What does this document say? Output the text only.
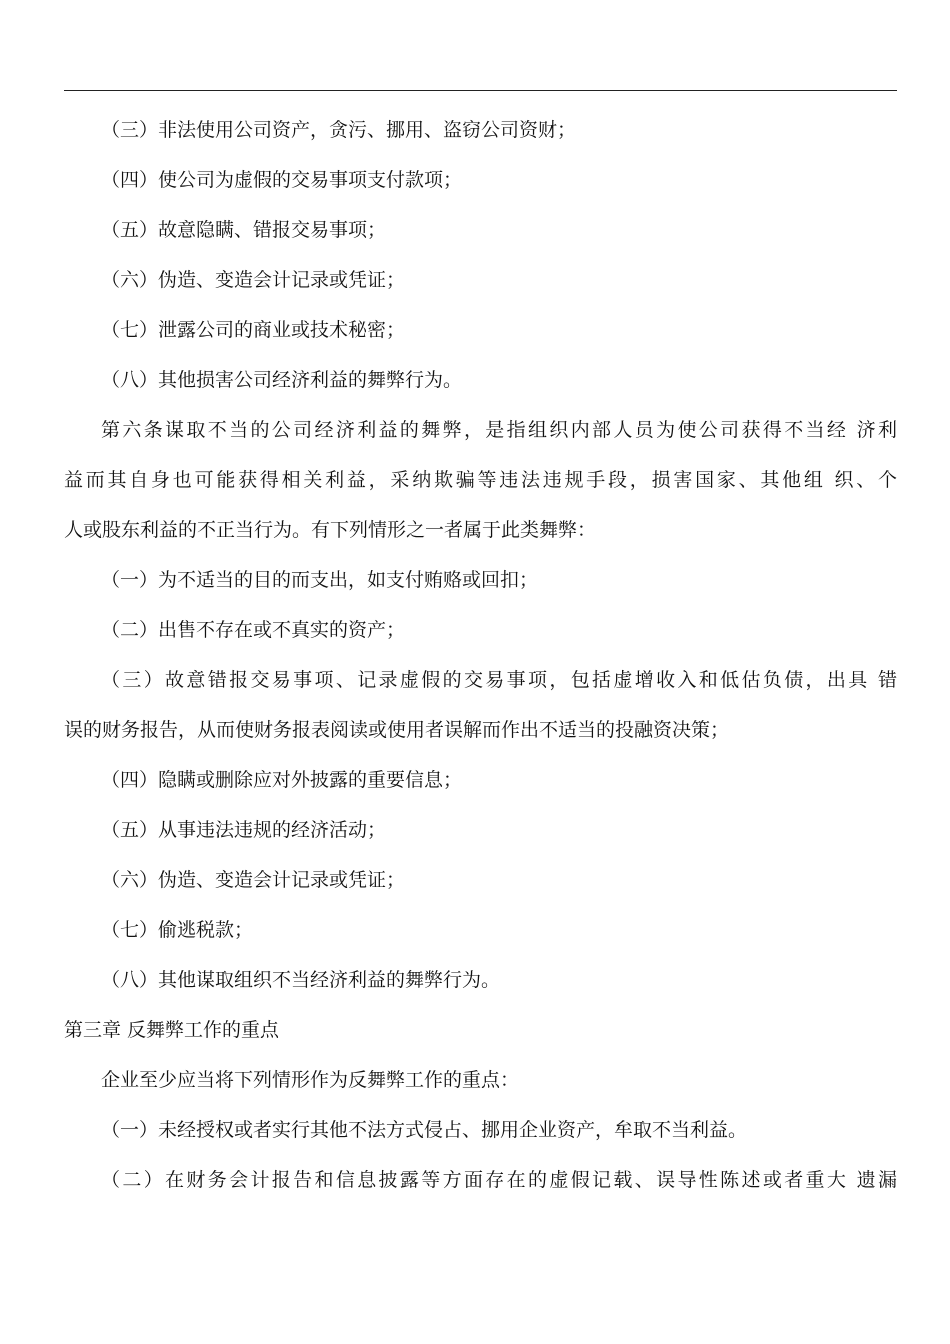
（三）非法使用公司资产，贪污、挪用、盗窃公司资财；
（四）使公司为虚假的交易事项支付款项；
（五）故意隐瞒、错报交易事项；
（六）伪造、变造会计记录或凭证；
（七）泄露公司的商业或技术秘密；
（八）其他损害公司经济利益的舞弊行为。
第六条谋取不当的公司经济利益的舞弊，是指组织内部人员为使公司获得不当经 济利
益而其自身也可能获得相关利益，采纳欺骗等违法违规手段，损害国家、其他组 织、个
人或股东利益的不正当行为。有下列情形之一者属于此类舞弊：
（一）为不适当的目的而支出，如支付贿赂或回扣；
（二）出售不存在或不真实的资产；
（三）故意错报交易事项、记录虚假的交易事项，包括虚增收入和低估负债，出具 错
误的财务报告，从而使财务报表阅读或使用者误解而作出不适当的投融资决策；
（四）隐瞒或删除应对外披露的重要信息；
（五）从事违法违规的经济活动；
（六）伪造、变造会计记录或凭证；
（七）偷逃税款；
（八）其他谋取组织不当经济利益的舞弊行为。
第三章 反舞弊工作的重点
企业至少应当将下列情形作为反舞弊工作的重点：
（一）未经授权或者实行其他不法方式侵占、挪用企业资产，牟取不当利益。
（二）在财务会计报告和信息披露等方面存在的虚假记载、误导性陈述或者重大 遗漏
